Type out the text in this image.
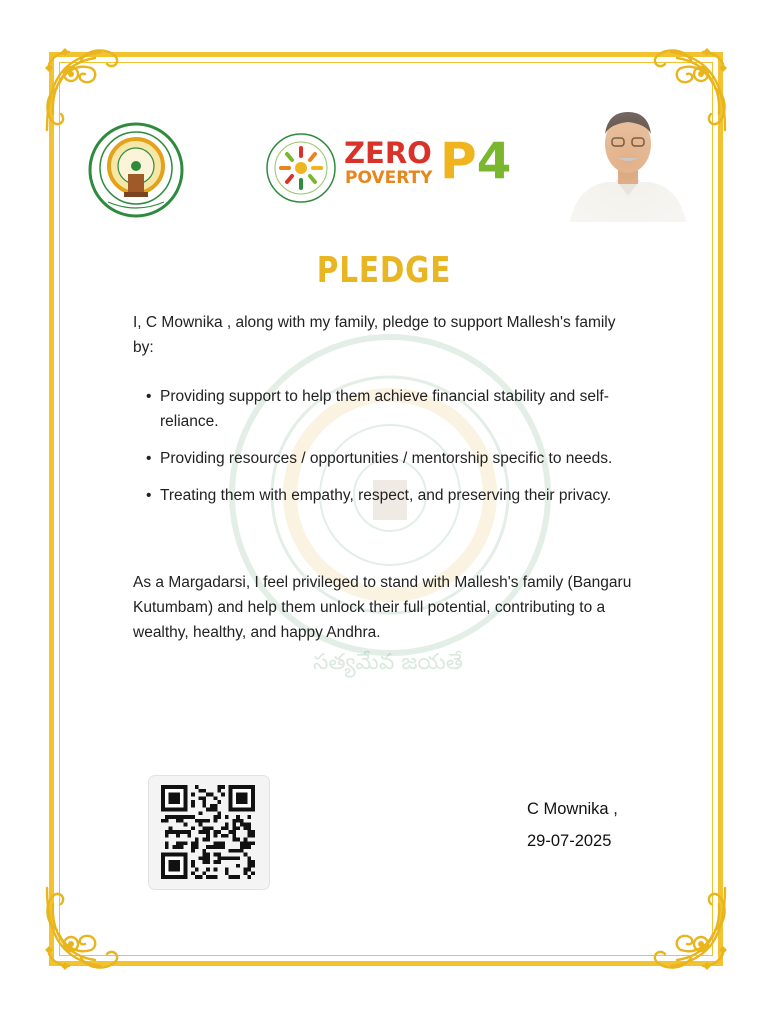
సత్యమేవ జయతే
ZERO
POVERTY P4
PLEDGE
I, C Mownika , along with my family, pledge to support Mallesh's family by:
• Providing support to help them achieve financial stability and self-reliance.
• Providing resources / opportunities / mentorship specific to needs.
• Treating them with empathy, respect, and preserving their privacy.
As a Margadarsi, I feel privileged to stand with Mallesh's family (Bangaru Kutumbam) and help them unlock their full potential, contributing to a wealthy, healthy, and happy Andhra.
C Mownika ,
29-07-2025
